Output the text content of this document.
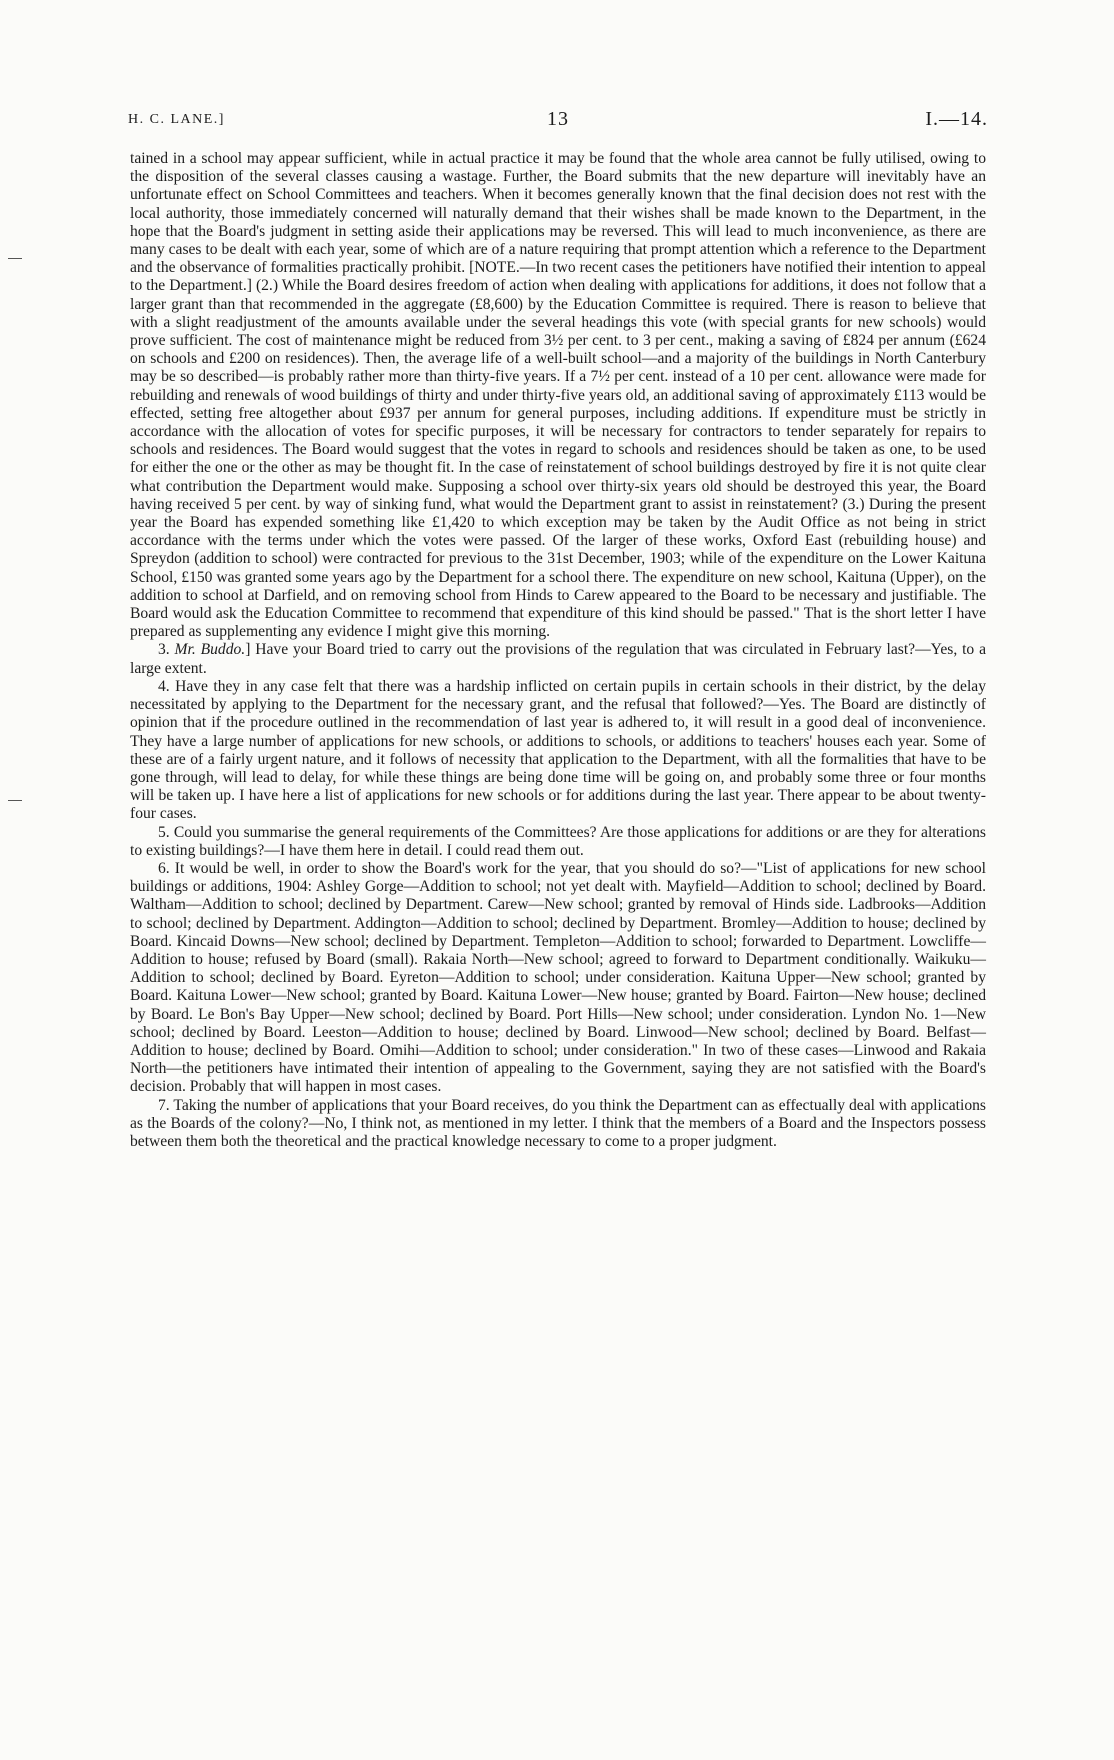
H. C. LANE.]	13	I.—14.

tained in a school may appear sufficient, while in actual practice it may be found that the whole area cannot be fully utilised, owing to the disposition of the several classes causing a wastage. Further, the Board submits that the new departure will inevitably have an unfortunate effect on School Committees and teachers. When it becomes generally known that the final decision does not rest with the local authority, those immediately concerned will naturally demand that their wishes shall be made known to the Department, in the hope that the Board's judgment in setting aside their applications may be reversed. This will lead to much inconvenience, as there are many cases to be dealt with each year, some of which are of a nature requiring that prompt attention which a reference to the Department and the observance of formalities practically prohibit. [NOTE.—In two recent cases the petitioners have notified their intention to appeal to the Department.] (2.) While the Board desires freedom of action when dealing with applications for additions, it does not follow that a larger grant than that recommended in the aggregate (£8,600) by the Education Committee is required. There is reason to believe that with a slight readjustment of the amounts available under the several headings this vote (with special grants for new schools) would prove sufficient. The cost of maintenance might be reduced from 3½ per cent. to 3 per cent., making a saving of £824 per annum (£624 on schools and £200 on residences). Then, the average life of a well-built school—and a majority of the buildings in North Canterbury may be so described—is probably rather more than thirty-five years. If a 7½ per cent. instead of a 10 per cent. allowance were made for rebuilding and renewals of wood buildings of thirty and under thirty-five years old, an additional saving of approximately £113 would be effected, setting free altogether about £937 per annum for general purposes, including additions. If expenditure must be strictly in accordance with the allocation of votes for specific purposes, it will be necessary for contractors to tender separately for repairs to schools and residences. The Board would suggest that the votes in regard to schools and residences should be taken as one, to be used for either the one or the other as may be thought fit. In the case of reinstatement of school buildings destroyed by fire it is not quite clear what contribution the Department would make. Supposing a school over thirty-six years old should be destroyed this year, the Board having received 5 per cent. by way of sinking fund, what would the Department grant to assist in reinstatement? (3.) During the present year the Board has expended something like £1,420 to which exception may be taken by the Audit Office as not being in strict accordance with the terms under which the votes were passed. Of the larger of these works, Oxford East (rebuilding house) and Spreydon (addition to school) were contracted for previous to the 31st December, 1903; while of the expenditure on the Lower Kaituna School, £150 was granted some years ago by the Department for a school there. The expenditure on new school, Kaituna (Upper), on the addition to school at Darfield, and on removing school from Hinds to Carew appeared to the Board to be necessary and justifiable. The Board would ask the Education Committee to recommend that expenditure of this kind should be passed." That is the short letter I have prepared as supplementing any evidence I might give this morning.

3. Mr. Buddo.] Have your Board tried to carry out the provisions of the regulation that was circulated in February last?—Yes, to a large extent.

4. Have they in any case felt that there was a hardship inflicted on certain pupils in certain schools in their district, by the delay necessitated by applying to the Department for the necessary grant, and the refusal that followed?—Yes. The Board are distinctly of opinion that if the procedure outlined in the recommendation of last year is adhered to, it will result in a good deal of inconvenience. They have a large number of applications for new schools, or additions to schools, or additions to teachers' houses each year. Some of these are of a fairly urgent nature, and it follows of necessity that application to the Department, with all the formalities that have to be gone through, will lead to delay, for while these things are being done time will be going on, and probably some three or four months will be taken up. I have here a list of applications for new schools or for additions during the last year. There appear to be about twenty-four cases.

5. Could you summarise the general requirements of the Committees? Are those applications for additions or are they for alterations to existing buildings?—I have them here in detail. I could read them out.

6. It would be well, in order to show the Board's work for the year, that you should do so?—"List of applications for new school buildings or additions, 1904: Ashley Gorge—Addition to school; not yet dealt with. Mayfield—Addition to school; declined by Board. Waltham—Addition to school; declined by Department. Carew—New school; granted by removal of Hinds side. Ladbrooks—Addition to school; declined by Department. Addington—Addition to school; declined by Department. Bromley—Addition to house; declined by Board. Kincaid Downs—New school; declined by Department. Templeton—Addition to school; forwarded to Department. Lowcliffe—Addition to house; refused by Board (small). Rakaia North—New school; agreed to forward to Department conditionally. Waikuku—Addition to school; declined by Board. Eyreton—Addition to school; under consideration. Kaituna Upper—New school; granted by Board. Kaituna Lower—New school; granted by Board. Kaituna Lower—New house; granted by Board. Fairton—New house; declined by Board. Le Bon's Bay Upper—New school; declined by Board. Port Hills—New school; under consideration. Lyndon No. 1—New school; declined by Board. Leeston—Addition to house; declined by Board. Linwood—New school; declined by Board. Belfast—Addition to house; declined by Board. Omihi—Addition to school; under consideration." In two of these cases—Linwood and Rakaia North—the petitioners have intimated their intention of appealing to the Government, saying they are not satisfied with the Board's decision. Probably that will happen in most cases.

7. Taking the number of applications that your Board receives, do you think the Department can as effectually deal with applications as the Boards of the colony?—No, I think not, as mentioned in my letter. I think that the members of a Board and the Inspectors possess between them both the theoretical and the practical knowledge necessary to come to a proper judgment.
